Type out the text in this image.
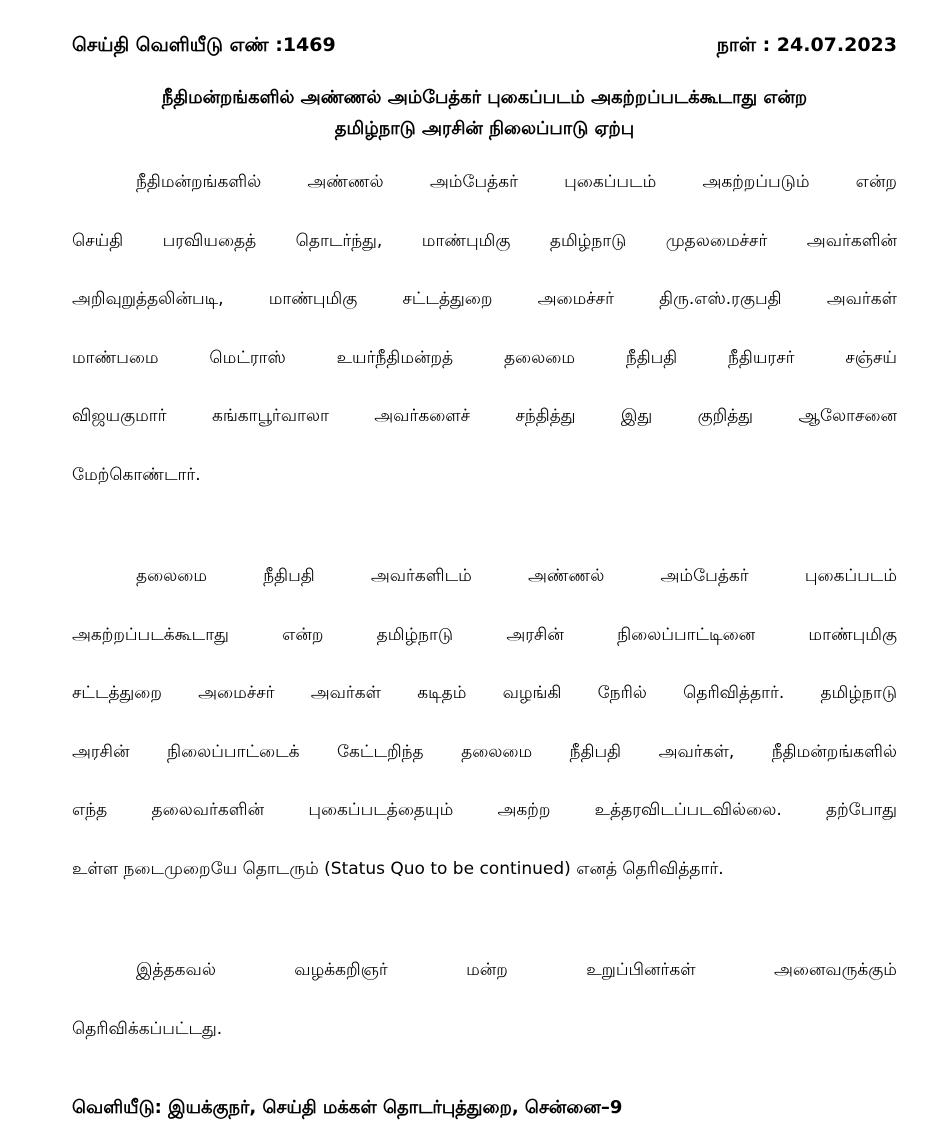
செய்தி வெளியீடு எண் :1469	நாள் : 24.07.2023
நீதிமன்றங்களில் அண்ணல் அம்பேத்கர் புகைப்படம் அகற்றப்படக்கூடாது என்ற
தமிழ்நாடு அரசின் நிலைப்பாடு ஏற்பு
நீதிமன்றங்களில் அண்ணல் அம்பேத்கர் புகைப்படம் அகற்றப்படும் என்ற
செய்தி பரவியதைத் தொடர்ந்து, மாண்புமிகு தமிழ்நாடு முதலமைச்சர் அவர்களின்
அறிவுறுத்தலின்படி, மாண்புமிகு சட்டத்துறை அமைச்சர் திரு.எஸ்.ரகுபதி அவர்கள்
மாண்பமை மெட்ராஸ் உயர்நீதிமன்றத் தலைமை நீதிபதி நீதியரசர் சஞ்சய்
விஜயகுமார் கங்காபூர்வாலா அவர்களைச் சந்தித்து இது குறித்து ஆலோசனை
மேற்கொண்டார்.
தலைமை நீதிபதி அவர்களிடம் அண்ணல் அம்பேத்கர் புகைப்படம்
அகற்றப்படக்கூடாது என்ற தமிழ்நாடு அரசின் நிலைப்பாட்டினை மாண்புமிகு
சட்டத்துறை அமைச்சர் அவர்கள் கடிதம் வழங்கி நேரில் தெரிவித்தார். தமிழ்நாடு
அரசின் நிலைப்பாட்டைக் கேட்டறிந்த தலைமை நீதிபதி அவர்கள், நீதிமன்றங்களில்
எந்த தலைவர்களின் புகைப்படத்தையும் அகற்ற உத்தரவிடப்படவில்லை. தற்போது
உள்ள நடைமுறையே தொடரும் (Status Quo to be continued) எனத் தெரிவித்தார்.
இத்தகவல் வழக்கறிஞர் மன்ற உறுப்பினர்கள் அனைவருக்கும்
தெரிவிக்கப்பட்டது.
வெளியீடு: இயக்குநர், செய்தி மக்கள் தொடர்புத்துறை, சென்னை–9
